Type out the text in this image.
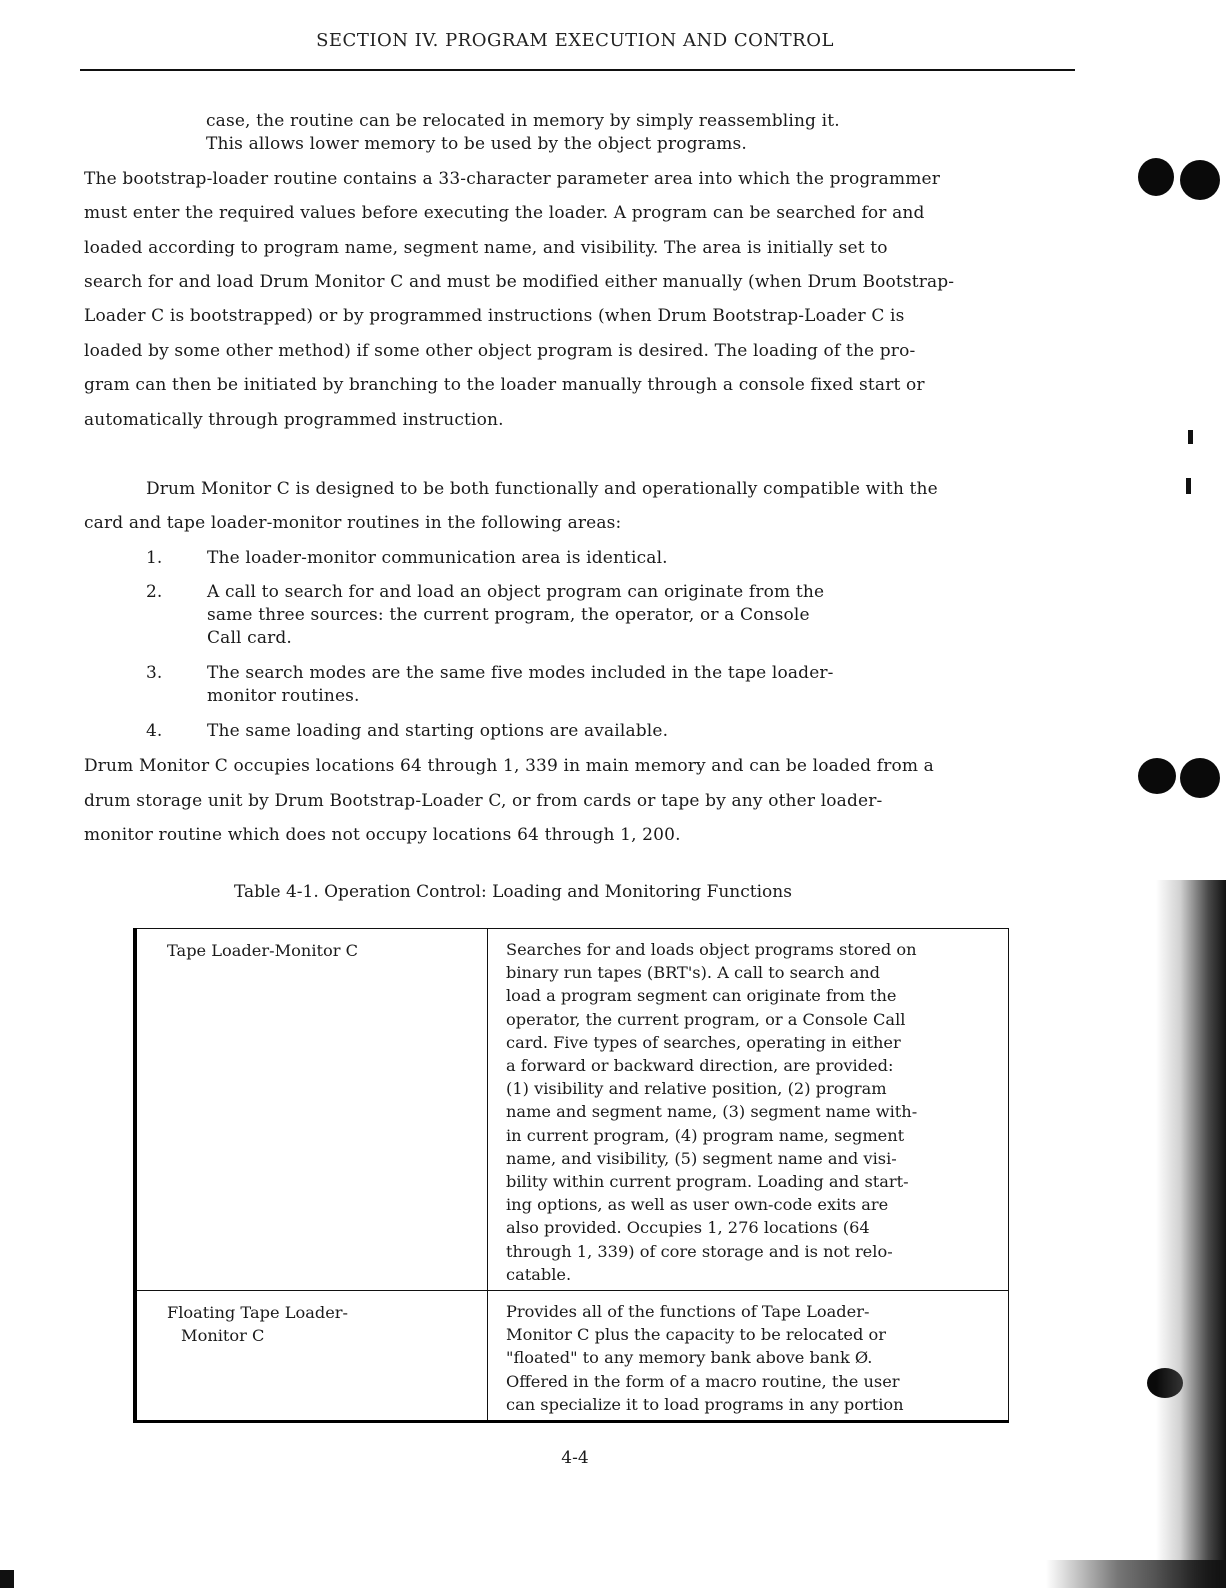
SECTION IV. PROGRAM EXECUTION AND CONTROL
case, the routine can be relocated in memory by simply reassembling it.
This allows lower memory to be used by the object programs.
The bootstrap-loader routine contains a 33-character parameter area into which the programmer
must enter the required values before executing the loader. A program can be searched for and
loaded according to program name, segment name, and visibility. The area is initially set to
search for and load Drum Monitor C and must be modified either manually (when Drum Bootstrap-
Loader C is bootstrapped) or by programmed instructions (when Drum Bootstrap-Loader C is
loaded by some other method) if some other object program is desired. The loading of the pro-
gram can then be initiated by branching to the loader manually through a console fixed start or
automatically through programmed instruction.
Drum Monitor C is designed to be both functionally and operationally compatible with the
card and tape loader-monitor routines in the following areas:
1.	The loader-monitor communication area is identical.
2.	A call to search for and load an object program can originate from the
same three sources: the current program, the operator, or a Console
Call card.
3.	The search modes are the same five modes included in the tape loader-
monitor routines.
4.	The same loading and starting options are available.
Drum Monitor C occupies locations 64 through 1, 339 in main memory and can be loaded from a
drum storage unit by Drum Bootstrap-Loader C, or from cards or tape by any other loader-
monitor routine which does not occupy locations 64 through 1, 200.
Table 4-1. Operation Control: Loading and Monitoring Functions
Tape Loader-Monitor C	Searches for and loads object programs stored on
binary run tapes (BRT's). A call to search and
load a program segment can originate from the
operator, the current program, or a Console Call
card. Five types of searches, operating in either
a forward or backward direction, are provided:
(1) visibility and relative position, (2) program
name and segment name, (3) segment name with-
in current program, (4) program name, segment
name, and visibility, (5) segment name and visi-
bility within current program. Loading and start-
ing options, as well as user own-code exits are
also provided. Occupies 1, 276 locations (64
through 1, 339) of core storage and is not relo-
catable.

Floating Tape Loader-
Monitor C	Provides all of the functions of Tape Loader-
Monitor C plus the capacity to be relocated or
"floated" to any memory bank above bank Ø.
Offered in the form of a macro routine, the user
can specialize it to load programs in any portion
4-4
